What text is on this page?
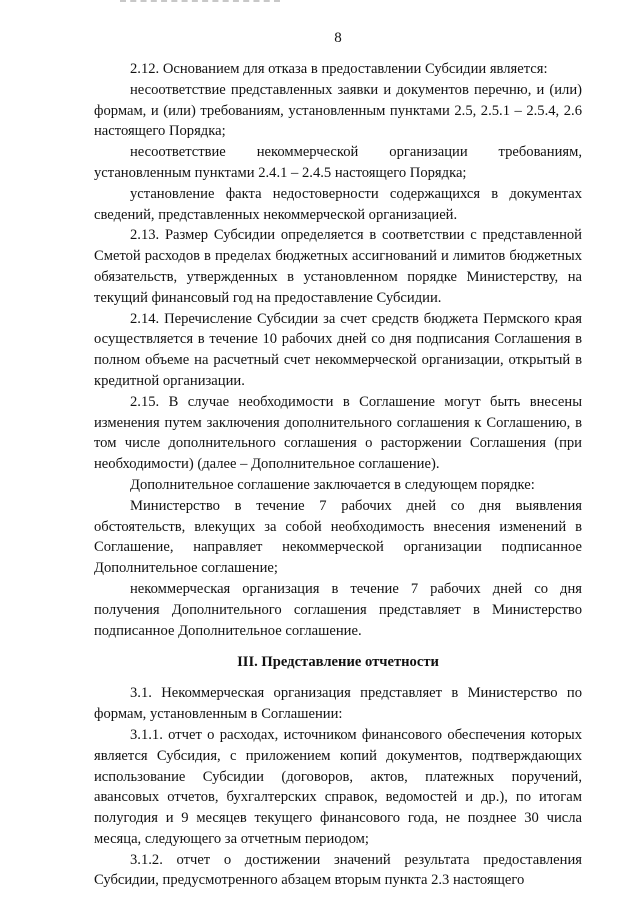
8

2.12. Основанием для отказа в предоставлении Субсидии является:

несоответствие представленных заявки и документов перечню, и (или) формам, и (или) требованиям, установленным пунктами 2.5, 2.5.1 – 2.5.4, 2.6 настоящего Порядка;

несоответствие некоммерческой организации требованиям, установленным пунктами 2.4.1 – 2.4.5 настоящего Порядка;

установление факта недостоверности содержащихся в документах сведений, представленных некоммерческой организацией.

2.13. Размер Субсидии определяется в соответствии с представленной Сметой расходов в пределах бюджетных ассигнований и лимитов бюджетных обязательств, утвержденных в установленном порядке Министерству, на текущий финансовый год на предоставление Субсидии.

2.14. Перечисление Субсидии за счет средств бюджета Пермского края осуществляется в течение 10 рабочих дней со дня подписания Соглашения в полном объеме на расчетный счет некоммерческой организации, открытый в кредитной организации.

2.15. В случае необходимости в Соглашение могут быть внесены изменения путем заключения дополнительного соглашения к Соглашению, в том числе дополнительного соглашения о расторжении Соглашения (при необходимости) (далее – Дополнительное соглашение).

Дополнительное соглашение заключается в следующем порядке:

Министерство в течение 7 рабочих дней со дня выявления обстоятельств, влекущих за собой необходимость внесения изменений в Соглашение, направляет некоммерческой организации подписанное Дополнительное соглашение;

некоммерческая организация в течение 7 рабочих дней со дня получения Дополнительного соглашения представляет в Министерство подписанное Дополнительное соглашение.

III. Представление отчетности

3.1. Некоммерческая организация представляет в Министерство по формам, установленным в Соглашении:

3.1.1. отчет о расходах, источником финансового обеспечения которых является Субсидия, с приложением копий документов, подтверждающих использование Субсидии (договоров, актов, платежных поручений, авансовых отчетов, бухгалтерских справок, ведомостей и др.), по итогам полугодия и 9 месяцев текущего финансового года, не позднее 30 числа месяца, следующего за отчетным периодом;

3.1.2. отчет о достижении значений результата предоставления Субсидии, предусмотренного абзацем вторым пункта 2.3 настоящего
